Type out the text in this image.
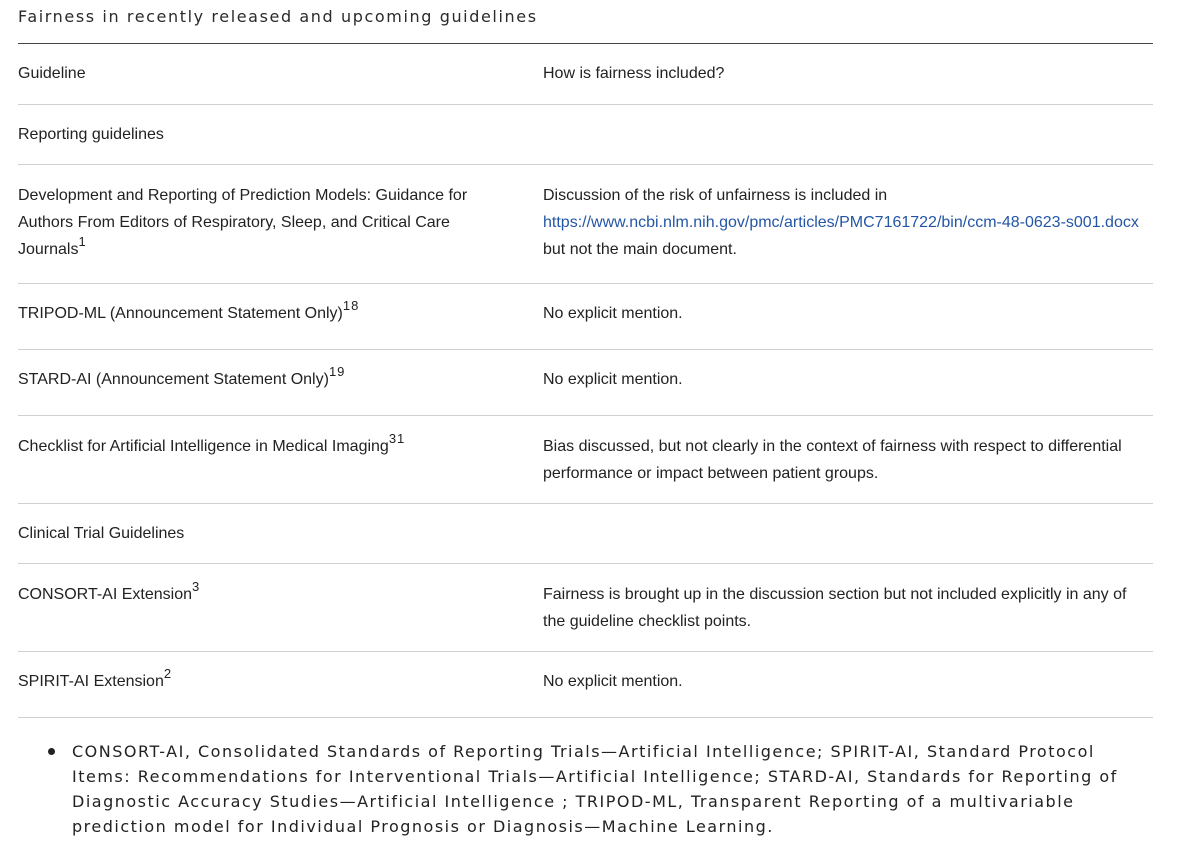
Fairness in recently released and upcoming guidelines
Guideline	How is fairness included?
Reporting guidelines	
Development and Reporting of Prediction Models: Guidance for Authors From Editors of Respiratory, Sleep, and Critical Care Journals$^1$	Discussion of the risk of unfairness is included in https://www.ncbi.nlm.nih.gov/pmc/articles/PMC7161722/bin/ccm-48-0623-s001.docx but not the main document.
TRIPOD-ML (Announcement Statement Only)$^{18}$	No explicit mention.
STARD-AI (Announcement Statement Only)$^{19}$	No explicit mention.
Checklist for Artificial Intelligence in Medical Imaging$^{31}$	Bias discussed, but not clearly in the context of fairness with respect to differential performance or impact between patient groups.
Clinical Trial Guidelines	
CONSORT-AI Extension$^3$	Fairness is brought up in the discussion section but not included explicitly in any of the guideline checklist points.
SPIRIT-AI Extension$^2$	No explicit mention.
CONSORT-AI, Consolidated Standards of Reporting Trials—Artificial Intelligence; SPIRIT-AI, Standard Protocol Items: Recommendations for Interventional Trials—Artificial Intelligence; STARD-AI, Standards for Reporting of Diagnostic Accuracy Studies—Artificial Intelligence ; TRIPOD-ML, Transparent Reporting of a multivariable prediction model for Individual Prognosis or Diagnosis—Machine Learning.
